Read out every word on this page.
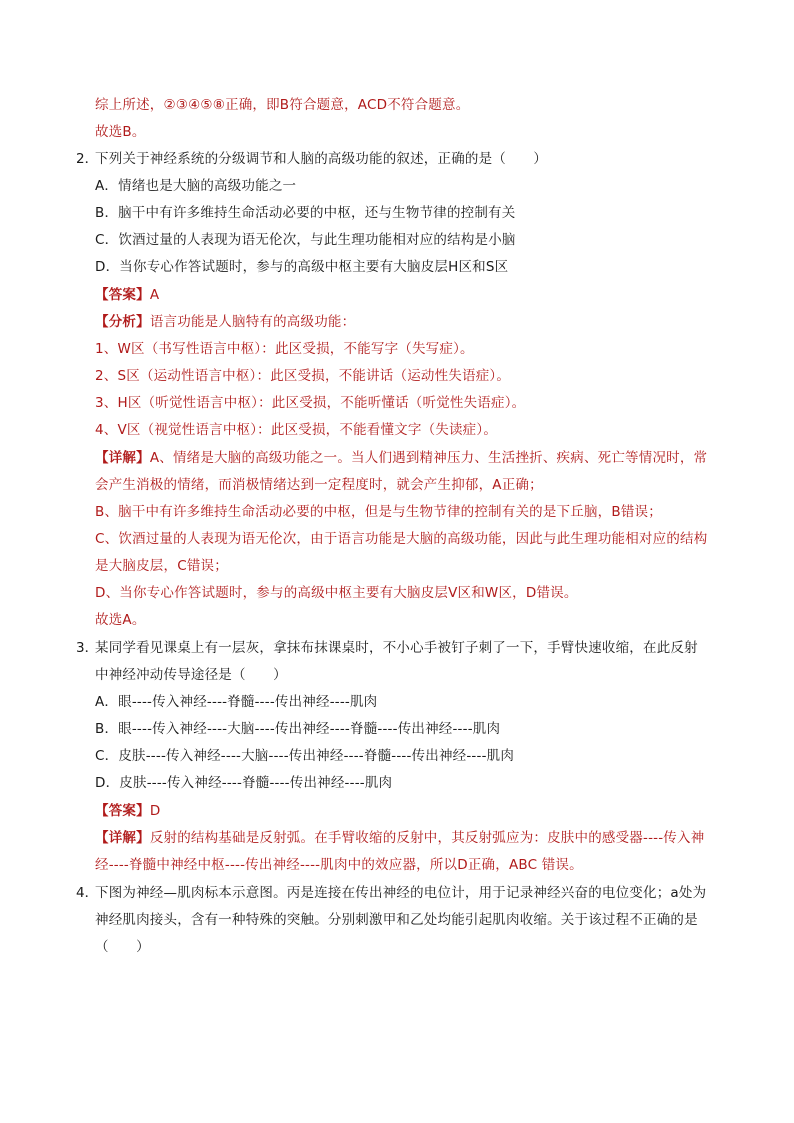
综上所述，②③④⑤⑧正确，即B符合题意，ACD不符合题意。
故选B。
2．
下列关于神经系统的分级调节和人脑的高级功能的叙述，正确的是（　　）
A．情绪也是大脑的高级功能之一
B．脑干中有许多维持生命活动必要的中枢，还与生物节律的控制有关
C．饮酒过量的人表现为语无伦次，与此生理功能相对应的结构是小脑
D．当你专心作答试题时，参与的高级中枢主要有大脑皮层H区和S区
【答案】A
【分析】语言功能是人脑特有的高级功能：
1、W区（书写性语言中枢）：此区受损，不能写字（失写症）。
2、S区（运动性语言中枢）：此区受损，不能讲话（运动性失语症）。
3、H区（听觉性语言中枢）：此区受损，不能听懂话（听觉性失语症）。
4、V区（视觉性语言中枢）：此区受损，不能看懂文字（失读症）。
【详解】A、情绪是大脑的高级功能之一。当人们遇到精神压力、生活挫折、疾病、死亡等情况时，常
会产生消极的情绪，而消极情绪达到一定程度时，就会产生抑郁，A正确；
B、脑干中有许多维持生命活动必要的中枢，但是与生物节律的控制有关的是下丘脑，B错误；
C、饮酒过量的人表现为语无伦次，由于语言功能是大脑的高级功能，因此与此生理功能相对应的结构
是大脑皮层，C错误；
D、当你专心作答试题时，参与的高级中枢主要有大脑皮层V区和W区，D错误。
故选A。
3．
某同学看见课桌上有一层灰，拿抹布抹课桌时，不小心手被钉子刺了一下，手臂快速收缩，在此反射
中神经冲动传导途径是（　　）
A．眼----传入神经----脊髓----传出神经----肌肉
B．眼----传入神经----大脑----传出神经----脊髓----传出神经----肌肉
C．皮肤----传入神经----大脑----传出神经----脊髓----传出神经----肌肉
D．皮肤----传入神经----脊髓----传出神经----肌肉
【答案】D
【详解】反射的结构基础是反射弧。在手臂收缩的反射中，其反射弧应为：皮肤中的感受器----传入神
经----脊髓中神经中枢----传出神经----肌肉中的效应器，所以D正确，ABC 错误。
4．
下图为神经—肌肉标本示意图。丙是连接在传出神经的电位计，用于记录神经兴奋的电位变化；a处为
神经肌肉接头，含有一种特殊的突触。分别刺激甲和乙处均能引起肌肉收缩。关于该过程不正确的是
（　　）
